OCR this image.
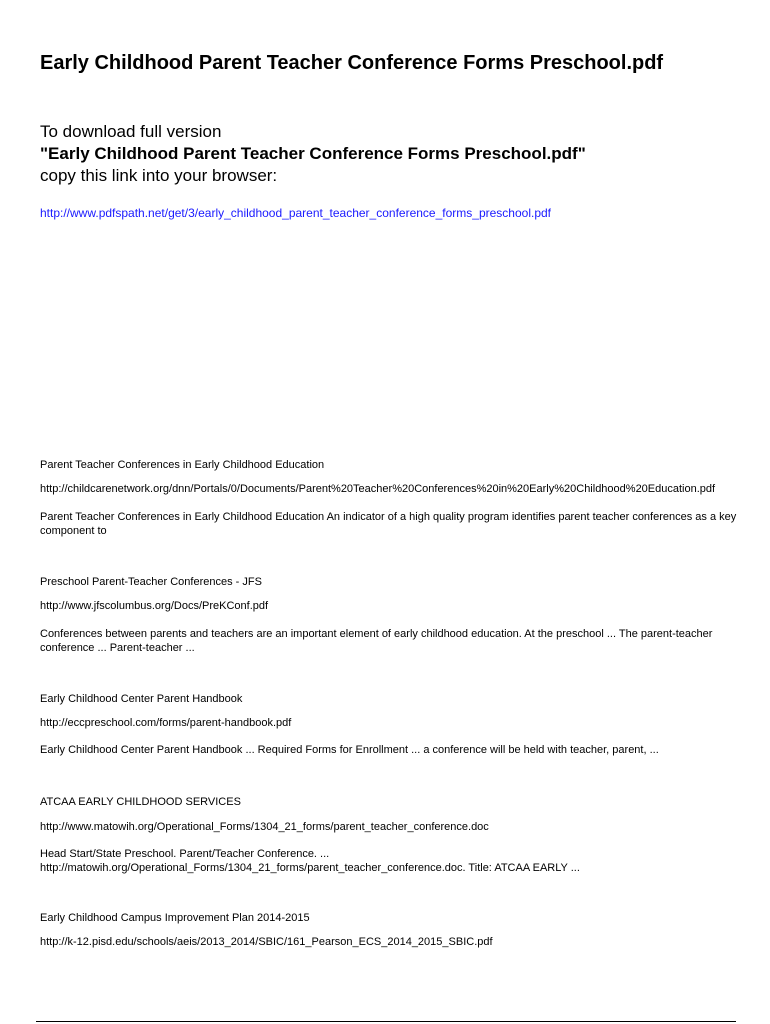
Early Childhood Parent Teacher Conference Forms Preschool.pdf
To download full version
"Early Childhood Parent Teacher Conference Forms Preschool.pdf"
copy this link into your browser:
http://www.pdfspath.net/get/3/early_childhood_parent_teacher_conference_forms_preschool.pdf
Parent Teacher Conferences in Early Childhood Education
http://childcarenetwork.org/dnn/Portals/0/Documents/Parent%20Teacher%20Conferences%20in%20Early%20Childhood%20Education.pdf
Parent Teacher Conferences in Early Childhood Education An indicator of a high quality program identifies parent teacher conferences as a key component to
Preschool Parent-Teacher Conferences - JFS
http://www.jfscolumbus.org/Docs/PreKConf.pdf
Conferences between parents and teachers are an important element of early childhood education. At the preschool ... The parent-teacher conference ... Parent-teacher ...
Early Childhood Center Parent Handbook
http://eccpreschool.com/forms/parent-handbook.pdf
Early Childhood Center Parent Handbook ... Required Forms for Enrollment ... a conference will be held with teacher, parent, ...
ATCAA EARLY CHILDHOOD SERVICES
http://www.matowih.org/Operational_Forms/1304_21_forms/parent_teacher_conference.doc
Head Start/State Preschool. Parent/Teacher Conference. ... http://matowih.org/Operational_Forms/1304_21_forms/parent_teacher_conference.doc. Title: ATCAA EARLY ...
Early Childhood Campus Improvement Plan 2014-2015
http://k-12.pisd.edu/schools/aeis/2013_2014/SBIC/161_Pearson_ECS_2014_2015_SBIC.pdf
